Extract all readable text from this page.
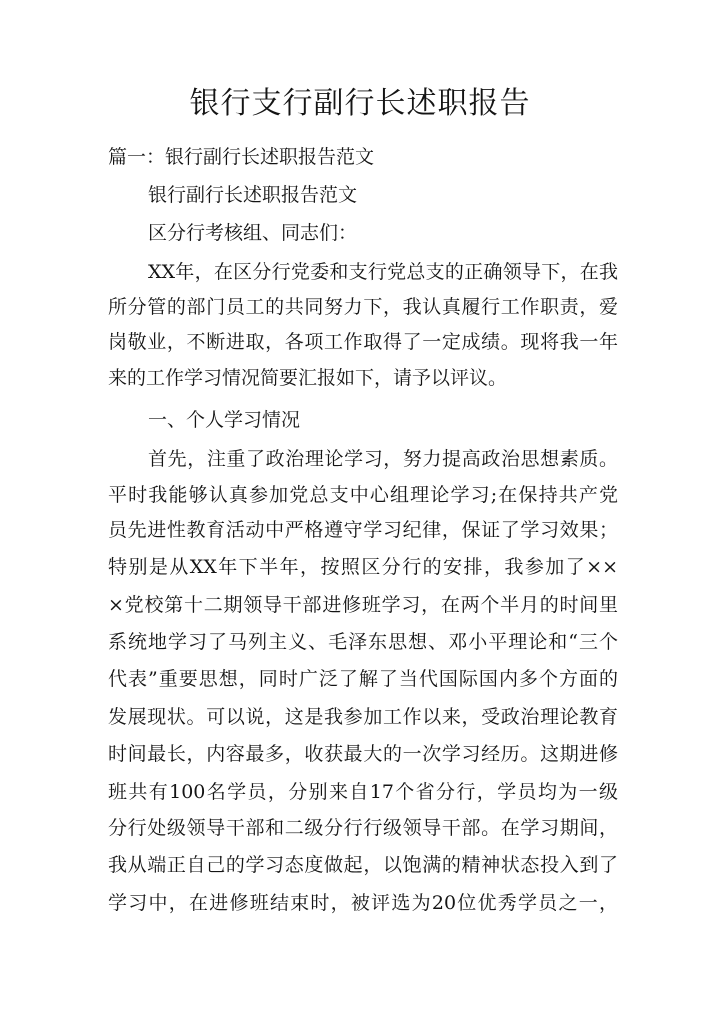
银行支行副行长述职报告

篇一：银行副行长述职报告范文

银行副行长述职报告范文

区分行考核组、同志们：

XX年，在区分行党委和支行党总支的正确领导下，在我

所分管的部门员工的共同努力下，我认真履行工作职责，爱

岗敬业，不断进取，各项工作取得了一定成绩。现将我一年

来的工作学习情况简要汇报如下，请予以评议。

一、个人学习情况

首先，注重了政治理论学习，努力提高政治思想素质。

平时我能够认真参加党总支中心组理论学习;在保持共产党

员先进性教育活动中严格遵守学习纪律，保证了学习效果；

特别是从XX年下半年，按照区分行的安排，我参加了××

×党校第十二期领导干部进修班学习，在两个半月的时间里

系统地学习了马列主义、毛泽东思想、邓小平理论和“三个

代表”重要思想，同时广泛了解了当代国际国内多个方面的

发展现状。可以说，这是我参加工作以来，受政治理论教育

时间最长，内容最多，收获最大的一次学习经历。这期进修

班共有100名学员，分别来自17个省分行，学员均为一级

分行处级领导干部和二级分行行级领导干部。在学习期间，

我从端正自己的学习态度做起，以饱满的精神状态投入到了

学习中，在进修班结束时，被评选为20位优秀学员之一，
